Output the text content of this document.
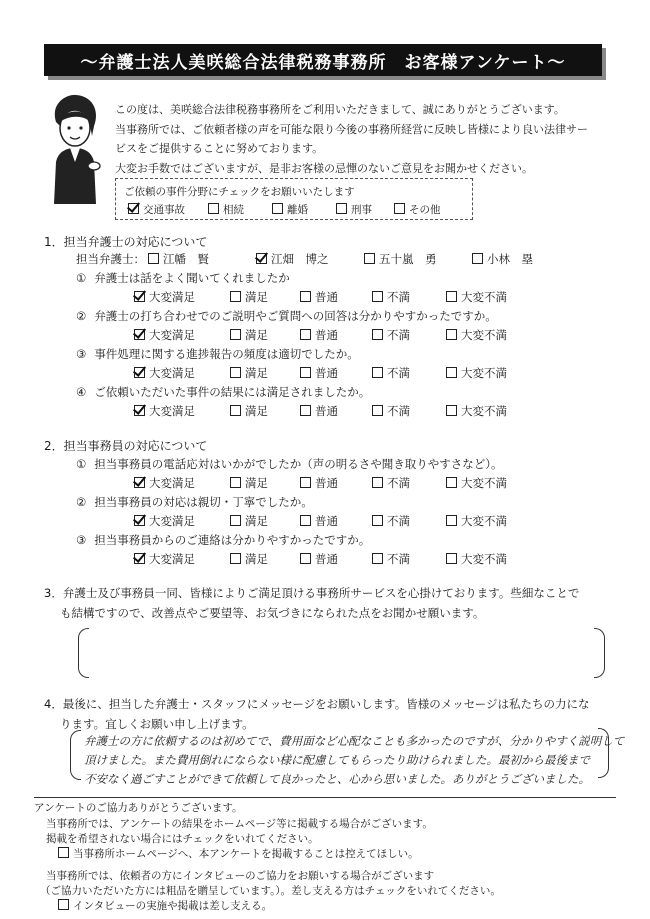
～弁護士法人美咲総合法律税務事務所　お客様アンケート～
この度は、美咲総合法律税務事務所をご利用いただきまして、誠にありがとうございます。
当事務所では、ご依頼者様の声を可能な限り今後の事務所経営に反映し皆様により良い法律サー
ビスをご提供することに努めております。
大変お手数ではございますが、是非お客様の忌憚のないご意見をお聞かせください。
ご依頼の事件分野にチェックをお願いいたします
交通事故	相続	離婚	刑事	その他
1．担当弁護士の対応について
担当弁護士：	江幡　賢	江畑　博之	五十嵐　勇	小林　塁
① 弁護士は話をよく聞いてくれましたか
大変満足	満足	普通	不満	大変不満
② 弁護士の打ち合わせでのご説明やご質問への回答は分かりやすかったですか。
大変満足	満足	普通	不満	大変不満
③ 事件処理に関する進捗報告の頻度は適切でしたか。
大変満足	満足	普通	不満	大変不満
④ ご依頼いただいた事件の結果には満足されましたか。
大変満足	満足	普通	不満	大変不満
2．担当事務員の対応について
① 担当事務員の電話応対はいかがでしたか（声の明るさや聞き取りやすさなど）。
大変満足	満足	普通	不満	大変不満
② 担当事務員の対応は親切・丁寧でしたか。
大変満足	満足	普通	不満	大変不満
③ 担当事務員からのご連絡は分かりやすかったですか。
大変満足	満足	普通	不満	大変不満
3．弁護士及び事務員一同、皆様によりご満足頂ける事務所サービスを心掛けております。些細なことで
も結構ですので、改善点やご要望等、お気づきになられた点をお聞かせ願います。
4．最後に、担当した弁護士・スタッフにメッセージをお願いします。皆様のメッセージは私たちの力にな
ります。宜しくお願い申し上げます。
弁護士の方に依頼するのは初めてで、費用面など心配なことも多かったのですが、分かりやすく説明して
頂けました。また費用倒れにならない様に配慮してもらったり助けられました。最初から最後まで
不安なく過ごすことができて依頼して良かったと、心から思いました。ありがとうございました。
アンケートのご協力ありがとうございます。
当事務所では、アンケートの結果をホームページ等に掲載する場合がございます。
掲載を希望されない場合にはチェックをいれてください。
当事務所ホームページへ、本アンケートを掲載することは控えてほしい。
当事務所では、依頼者の方にインタビューのご協力をお願いする場合がございます
（ご協力いただいた方には粗品を贈呈しています。）。差し支える方はチェックをいれてください。
インタビューの実施や掲載は差し支える。
